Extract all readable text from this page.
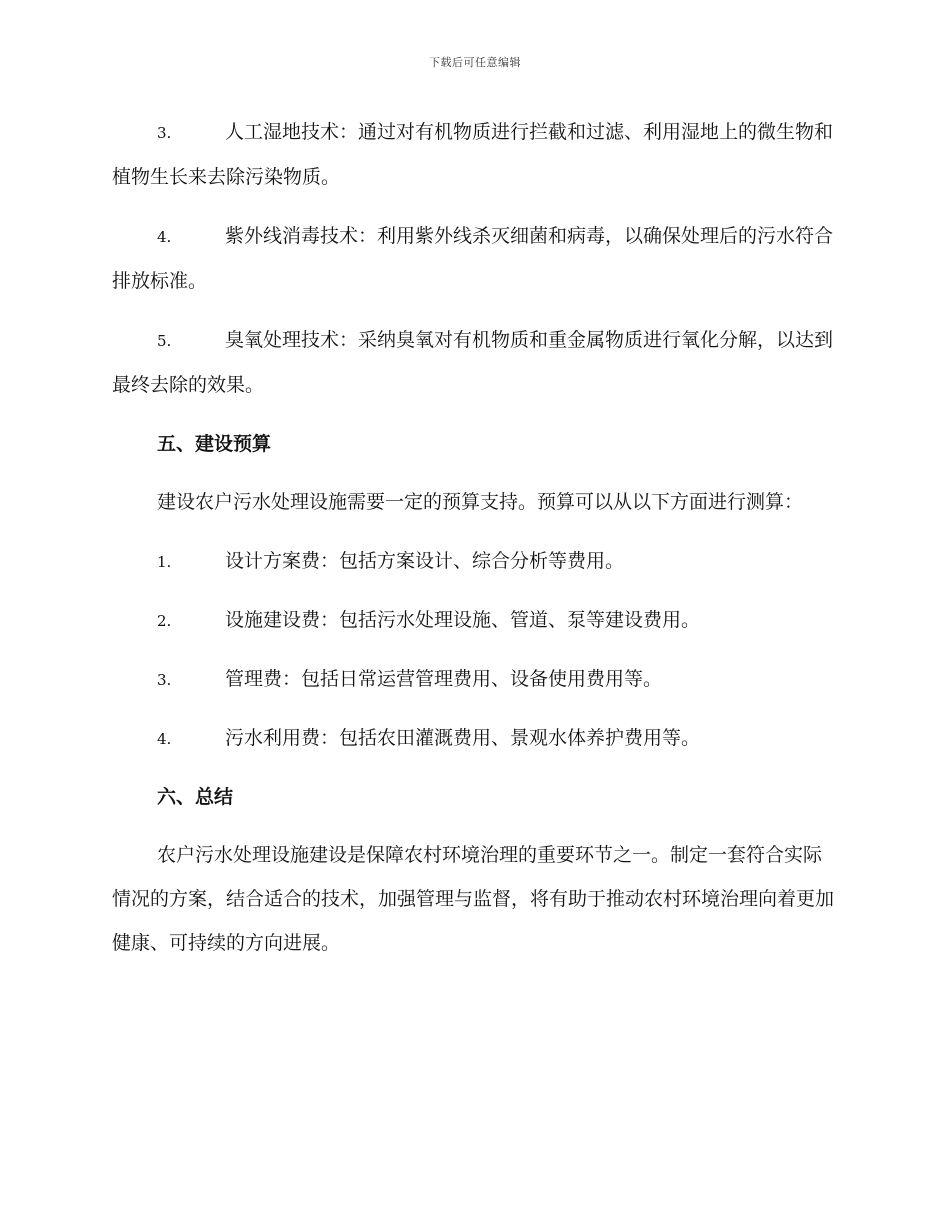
下载后可任意编辑

3.	人工湿地技术：通过对有机物质进行拦截和过滤、利用湿地上的微生物和植物生长来去除污染物质。

4.	紫外线消毒技术：利用紫外线杀灭细菌和病毒，以确保处理后的污水符合排放标准。

5.	臭氧处理技术：采纳臭氧对有机物质和重金属物质进行氧化分解，以达到最终去除的效果。

五、建设预算

建设农户污水处理设施需要一定的预算支持。预算可以从以下方面进行测算：

1.	设计方案费：包括方案设计、综合分析等费用。

2.	设施建设费：包括污水处理设施、管道、泵等建设费用。

3.	管理费：包括日常运营管理费用、设备使用费用等。

4.	污水利用费：包括农田灌溉费用、景观水体养护费用等。

六、总结

农户污水处理设施建设是保障农村环境治理的重要环节之一。制定一套符合实际情况的方案，结合适合的技术，加强管理与监督，将有助于推动农村环境治理向着更加健康、可持续的方向进展。
